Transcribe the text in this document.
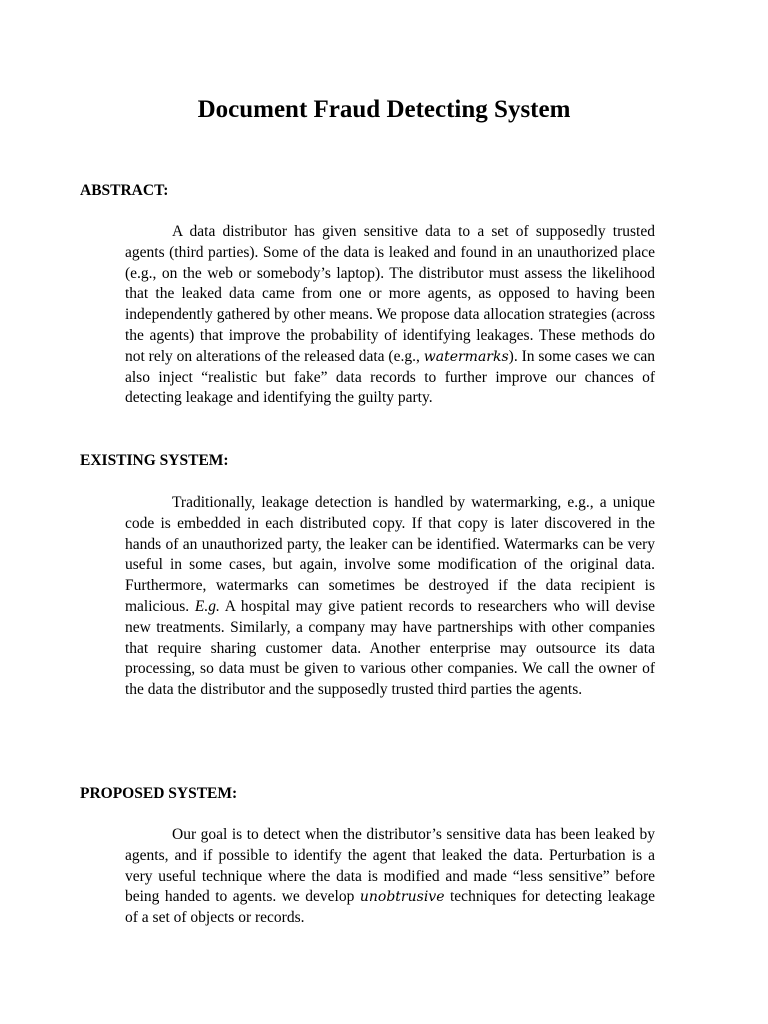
Document Fraud Detecting System
ABSTRACT:

A data distributor has given sensitive data to a set of supposedly trusted agents (third parties). Some of the data is leaked and found in an unauthorized place (e.g., on the web or somebody’s laptop). The distributor must assess the likelihood that the leaked data came from one or more agents, as opposed to having been independently gathered by other means. We propose data allocation strategies (across the agents) that improve the probability of identifying leakages. These methods do not rely on alterations of the released data (e.g., watermarks). In some cases we can also inject “realistic but fake” data records to further improve our chances of detecting leakage and identifying the guilty party.

EXISTING SYSTEM:

Traditionally, leakage detection is handled by watermarking, e.g., a unique code is embedded in each distributed copy. If that copy is later discovered in the hands of an unauthorized party, the leaker can be identified. Watermarks can be very useful in some cases, but again, involve some modification of the original data. Furthermore, watermarks can sometimes be destroyed if the data recipient is malicious. E.g. A hospital may give patient records to researchers who will devise new treatments. Similarly, a company may have partnerships with other companies that require sharing customer data. Another enterprise may outsource its data processing, so data must be given to various other companies. We call the owner of the data the distributor and the supposedly trusted third parties the agents.

PROPOSED SYSTEM:

Our goal is to detect when the distributor’s sensitive data has been leaked by agents, and if possible to identify the agent that leaked the data. Perturbation is a very useful technique where the data is modified and made “less sensitive” before being handed to agents. we develop unobtrusive techniques for detecting leakage of a set of objects or records.
